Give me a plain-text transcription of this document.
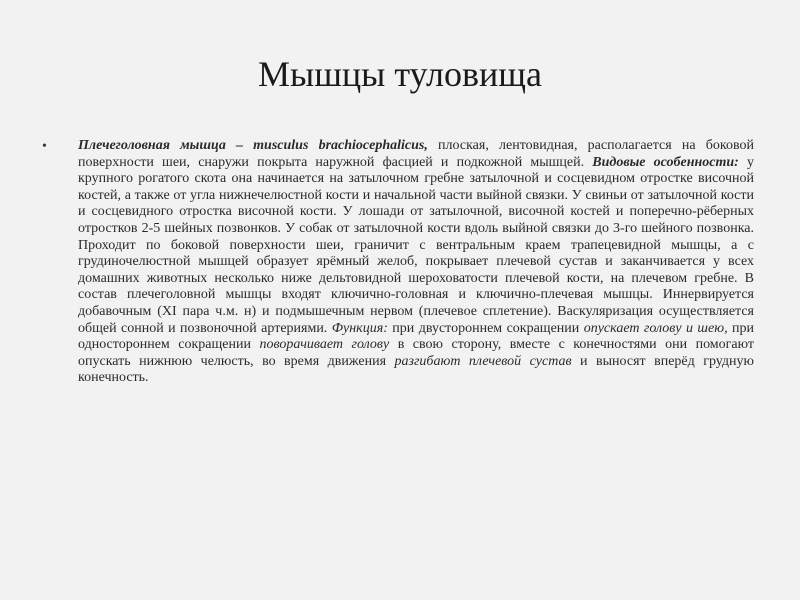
Мышцы туловища
• Плечеголовная мышца – musculus brachiocephalicus, плоская, лентовидная, располагается на боковой поверхности шеи, снаружи покрыта наружной фасцией и подкожной мышцей. Видовые особенности: у крупного рогатого скота она начинается на затылочном гребне затылочной и сосцевидном отростке височной костей, а также от угла нижнечелюстной кости и начальной части выйной связки. У свиньи от затылочной кости и сосцевидного отростка височной кости. У лошади от затылочной, височной костей и поперечно-рёберных отростков 2-5 шейных позвонков. У собак от затылочной кости вдоль выйной связки до 3-го шейного позвонка. Проходит по боковой поверхности шеи, граничит с вентральным краем трапецевидной мышцы, а с грудиночелюстной мышцей образует ярёмный желоб, покрывает плечевой сустав и заканчивается у всех домашних животных несколько ниже дельтовидной шероховатости плечевой кости, на плечевом гребне. В состав плечеголовной мышцы входят ключично-головная и ключично-плечевая мышцы. Иннервируется добавочным (XI пара ч.м. н) и подмышечным нервом (плечевое сплетение). Васкуляризация осуществляется общей сонной и позвоночной артериями. Функция: при двустороннем сокращении опускает голову и шею, при одностороннем сокращении поворачивает голову в свою сторону, вместе с конечностями они помогают опускать нижнюю челюсть, во время движения разгибают плечевой сустав и выносят вперёд грудную конечность.
